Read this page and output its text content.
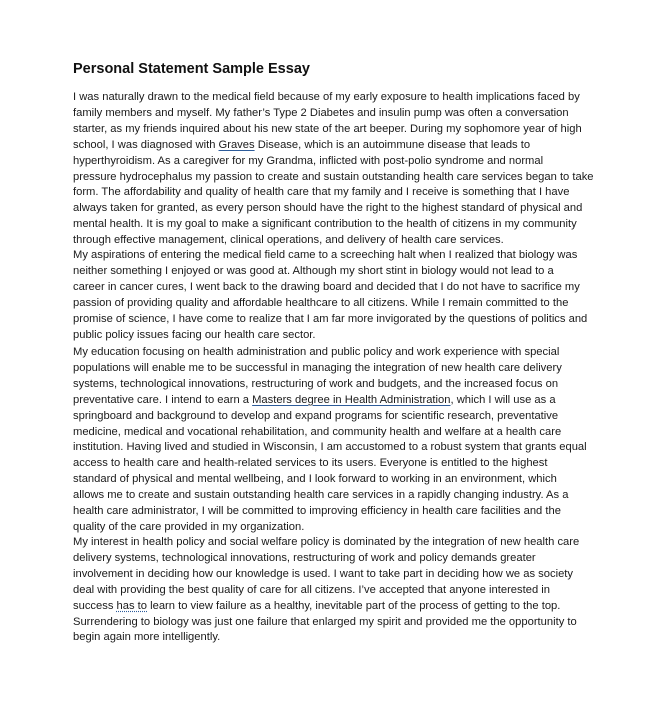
Personal Statement Sample Essay
I was naturally drawn to the medical field because of my early exposure to health implications faced by
family members and myself. My father’s Type 2 Diabetes and insulin pump was often a conversation
starter, as my friends inquired about his new state of the art beeper. During my sophomore year of high
school, I was diagnosed with Graves Disease, which is an autoimmune disease that leads to
hyperthyroidism. As a caregiver for my Grandma, inflicted with post-polio syndrome and normal
pressure hydrocephalus my passion to create and sustain outstanding health care services began to take
form. The affordability and quality of health care that my family and I receive is something that I have
always taken for granted, as every person should have the right to the highest standard of physical and
mental health. It is my goal to make a significant contribution to the health of citizens in my community
through effective management, clinical operations, and delivery of health care services.
My aspirations of entering the medical field came to a screeching halt when I realized that biology was
neither something I enjoyed or was good at. Although my short stint in biology would not lead to a
career in cancer cures, I went back to the drawing board and decided that I do not have to sacrifice my
passion of providing quality and affordable healthcare to all citizens. While I remain committed to the
promise of science, I have come to realize that I am far more invigorated by the questions of politics and
public policy issues facing our health care sector.
My education focusing on health administration and public policy and work experience with special
populations will enable me to be successful in managing the integration of new health care delivery
systems, technological innovations, restructuring of work and budgets, and the increased focus on
preventative care. I intend to earn a Masters degree in Health Administration, which I will use as a
springboard and background to develop and expand programs for scientific research, preventative
medicine, medical and vocational rehabilitation, and community health and welfare at a health care
institution. Having lived and studied in Wisconsin, I am accustomed to a robust system that grants equal
access to health care and health-related services to its users. Everyone is entitled to the highest
standard of physical and mental wellbeing, and I look forward to working in an environment, which
allows me to create and sustain outstanding health care services in a rapidly changing industry. As a
health care administrator, I will be committed to improving efficiency in health care facilities and the
quality of the care provided in my organization.
My interest in health policy and social welfare policy is dominated by the integration of new health care
delivery systems, technological innovations, restructuring of work and policy demands greater
involvement in deciding how our knowledge is used. I want to take part in deciding how we as society
deal with providing the best quality of care for all citizens. I’ve accepted that anyone interested in
success has to learn to view failure as a healthy, inevitable part of the process of getting to the top.
Surrendering to biology was just one failure that enlarged my spirit and provided me the opportunity to
begin again more intelligently.
